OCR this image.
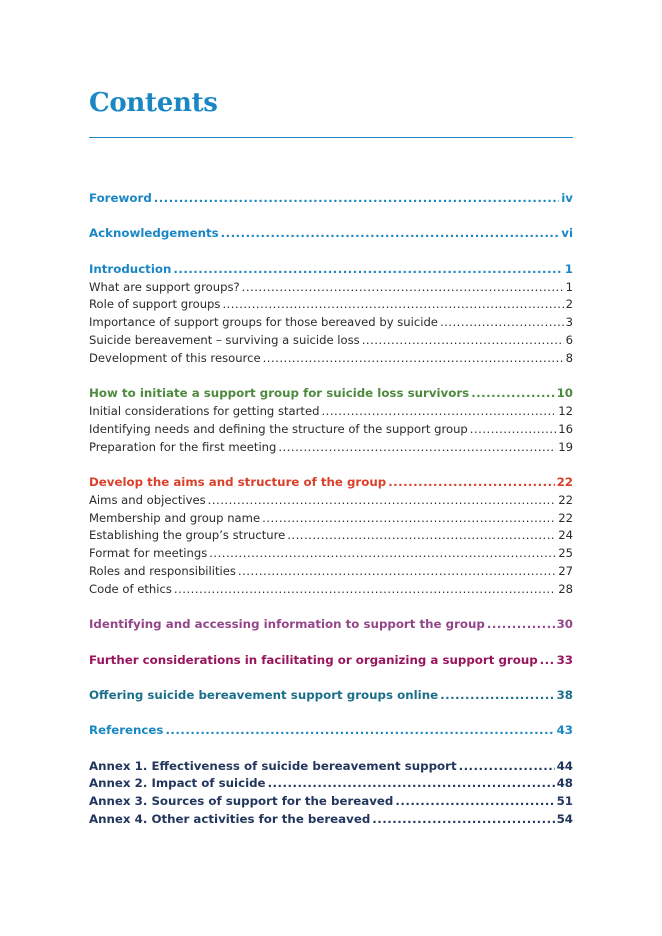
Contents
Foreword .....	iv
Acknowledgements .....	vi
Introduction .....	1
What are support groups? .....	1
Role of support groups .....	2
Importance of support groups for those bereaved by suicide .....	3
Suicide bereavement – surviving a suicide loss .....	6
Development of this resource .....	8
How to initiate a support group for suicide loss survivors .....	10
Initial considerations for getting started .....	12
Identifying needs and defining the structure of the support group .....	16
Preparation for the first meeting .....	19
Develop the aims and structure of the group .....	22
Aims and objectives .....	22
Membership and group name .....	22
Establishing the group’s structure .....	24
Format for meetings .....	25
Roles and responsibilities .....	27
Code of ethics .....	28
Identifying and accessing information to support the group .....	30
Further considerations in facilitating or organizing a support group ..... 33
Offering suicide bereavement support groups online .....	38
References .....	43
Annex 1. Effectiveness of suicide bereavement support .....	44
Annex 2. Impact of suicide .....	48
Annex 3. Sources of support for the bereaved .....	51
Annex 4. Other activities for the bereaved .....	54
